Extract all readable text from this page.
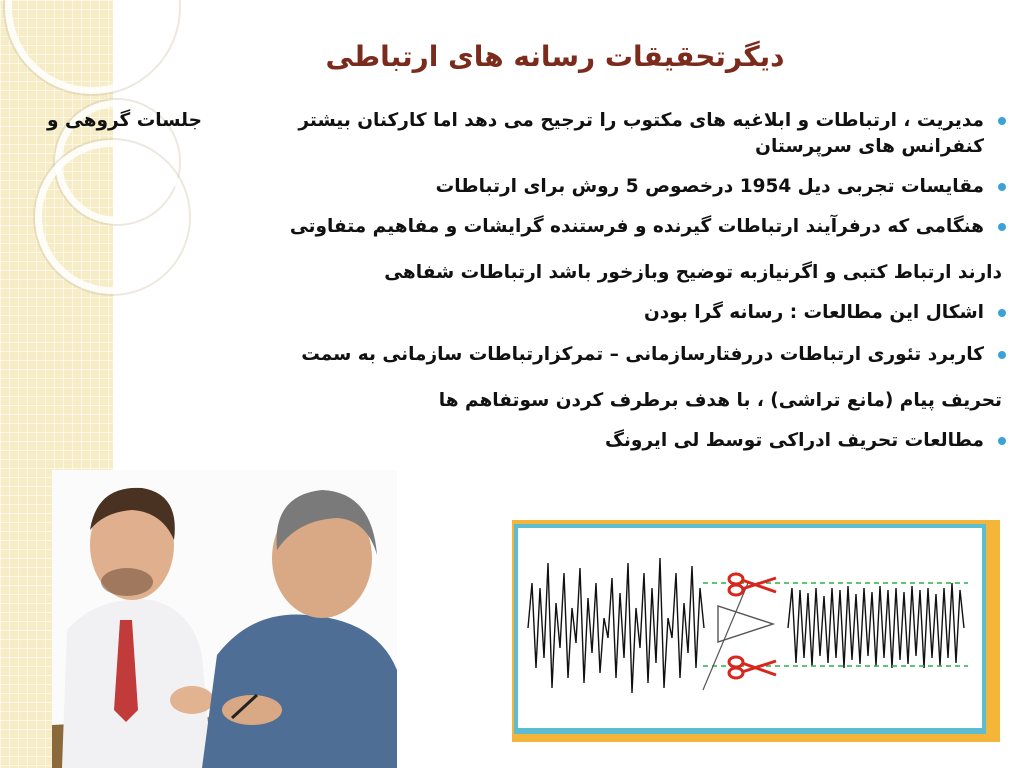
دیگرتحقیقات رسانه های ارتباطی
جلسات گروهی و	مدیریت ، ارتباطات و ابلاغیه های مکتوب را ترجیح می دهد اما کارکنان بیشتر
کنفرانس های سرپرستان
مقایسات تجربی دیل 1954 درخصوص 5 روش برای ارتباطات
هنگامی که درفرآیند ارتباطات گیرنده و فرستنده گرایشات و مفاهیم متفاوتی
دارند ارتباط کتبی و اگرنیازبه توضیح وبازخور باشد ارتباطات شفاهی
اشکال این مطالعات : رسانه گرا بودن
کاربرد تئوری ارتباطات دررفتارسازمانی – تمرکزارتباطات سازمانی به سمت
تحریف پیام (مانع تراشی) ، با هدف برطرف کردن سوتفاهم ها
مطالعات تحریف ادراکی توسط لی ایرونگ
